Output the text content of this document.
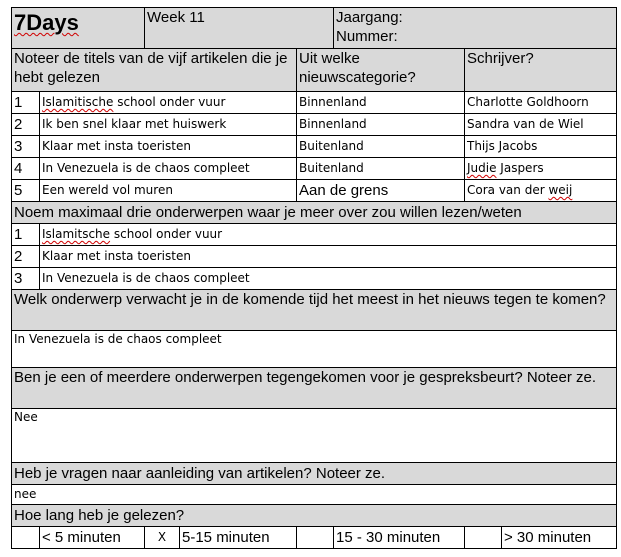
7Days		Week 11			Jaargang:
Nummer:		

Noteer de titels van de vijf artikelen die je hebt gelezen				Uit welke nieuwscategorie?		Schrijver?	
1	Islamitische school onder vuur			Binnenland		Charlotte Goldhoorn	
2	Ik ben snel klaar met huiswerk			Binnenland		Sandra van de Wiel	
3	Klaar met insta toeristen			Buitenland		Thijs Jacobs	
4	In Venezuela is de chaos compleet			Buitenland		Judie Jaspers	
5	Een wereld vol muren			Aan de grens		Cora van der weij	
Noem maximaal drie onderwerpen waar je meer over zou willen lezen/weten							
1	Islamitsche school onder vuur						
2	Klaar met insta toeristen						
3	In Venezuela is de chaos compleet						
Welk onderwerp verwacht je in de komende tijd het meest in het nieuws tegen te komen?							
In Venezuela is de chaos compleet							
Ben je een of meerdere onderwerpen tegengekomen voor je gespreksbeurt? Noteer ze.							
Nee							
Heb je vragen naar aanleiding van artikelen? Noteer ze.							
nee							
Hoe lang heb je gelezen?							
	< 5 minuten	X	5-15 minuten		15 - 30 minuten		> 30 minuten
